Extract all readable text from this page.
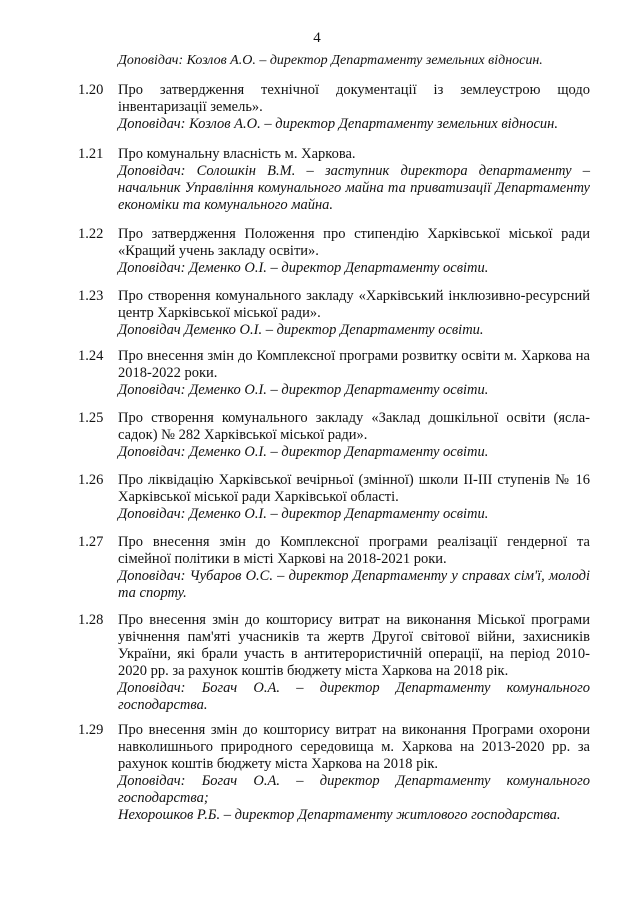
4
Доповідач: Козлов А.О. – директор Департаменту земельних відносин.
1.20	Про затвердження технічної документації із землеустрою щодо інвентаризації земель».
Доповідач: Козлов А.О. – директор Департаменту земельних відносин.
1.21	Про комунальну власність м. Харкова.
Доповідач: Солошкін В.М. – заступник директора департаменту – начальник Управління комунального майна та приватизації Департаменту економіки та комунального майна.
1.22	Про затвердження Положення про стипендію Харківської міської ради «Кращий учень закладу освіти».
Доповідач: Деменко О.І. – директор Департаменту освіти.
1.23	Про створення комунального закладу «Харківський інклюзивно-ресурсний центр Харківської міської ради».
Доповідач Деменко О.І. – директор Департаменту освіти.
1.24	Про внесення змін до Комплексної програми розвитку освіти м. Харкова на 2018-2022 роки.
Доповідач: Деменко О.І. – директор Департаменту освіти.
1.25	Про створення комунального закладу «Заклад дошкільної освіти (ясла-садок) № 282 Харківської міської ради».
Доповідач: Деменко О.І. – директор Департаменту освіти.
1.26	Про ліквідацію Харківської вечірньої (змінної) школи ІІ-ІІІ ступенів № 16 Харківської міської ради Харківської області.
Доповідач: Деменко О.І. – директор Департаменту освіти.
1.27	Про внесення змін до Комплексної програми реалізації гендерної та сімейної політики в місті Харкові на 2018-2021 роки.
Доповідач: Чубаров О.С. – директор Департаменту у справах сім'ї, молоді та спорту.
1.28	Про внесення змін до кошторису витрат на виконання Міської програми увічнення пам'яті учасників та жертв Другої світової війни, захисників України, які брали участь в антитерористичній операції, на період 2010-2020 рр. за рахунок коштів бюджету міста Харкова на 2018 рік.
Доповідач: Богач О.А. – директор Департаменту комунального господарства.
1.29	Про внесення змін до кошторису витрат на виконання Програми охорони навколишнього природного середовища м. Харкова на 2013-2020 рр. за рахунок коштів бюджету міста Харкова на 2018 рік.
Доповідач: Богач О.А. – директор Департаменту комунального господарства;
Нехорошков Р.Б. – директор Департаменту житлового господарства.
